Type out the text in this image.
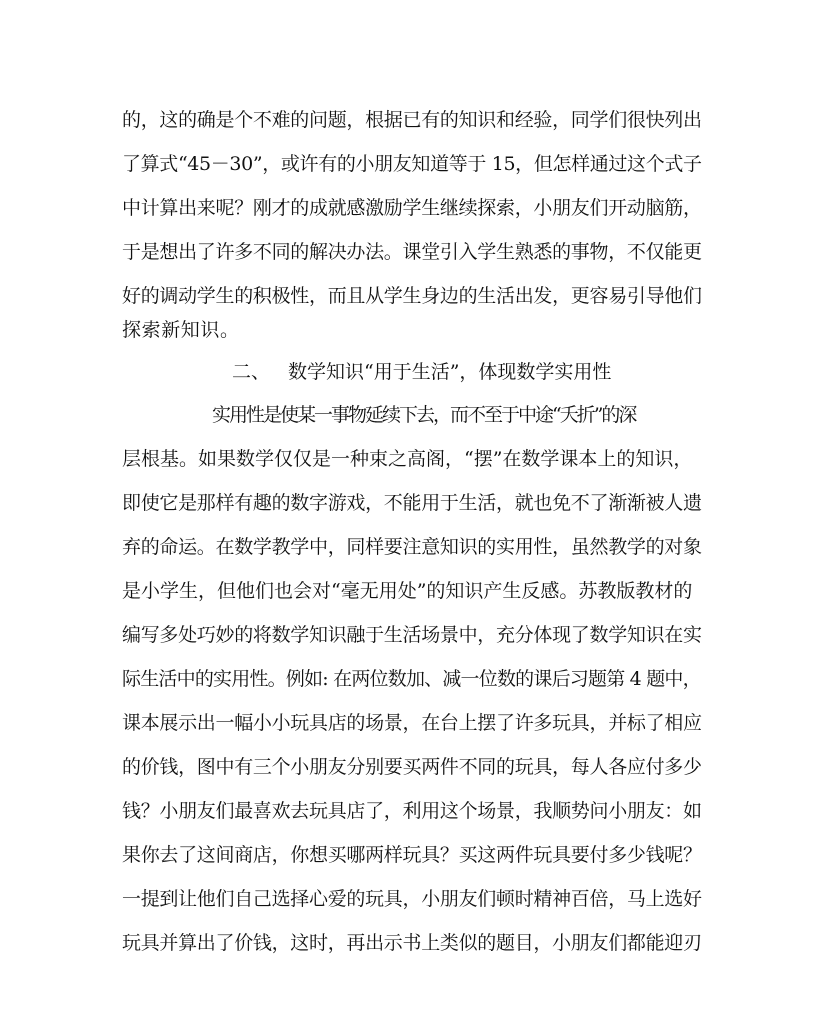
的，这的确是个不难的问题，根据已有的知识和经验，同学们很快列出
了算式“45－30”，或许有的小朋友知道等于 15，但怎样通过这个式子
中计算出来呢？刚才的成就感激励学生继续探索，小朋友们开动脑筋，
于是想出了许多不同的解决办法。课堂引入学生熟悉的事物，不仅能更
好的调动学生的积极性，而且从学生身边的生活出发，更容易引导他们
探索新知识。
二、 数学知识“用于生活”，体现数学实用性
实用性是使某一事物延续下去，而不至于中途“夭折”的深
层根基。如果数学仅仅是一种束之高阁，“摆”在数学课本上的知识，
即使它是那样有趣的数字游戏，不能用于生活，就也免不了渐渐被人遗
弃的命运。在数学教学中，同样要注意知识的实用性，虽然教学的对象
是小学生，但他们也会对“毫无用处”的知识产生反感。苏教版教材的
编写多处巧妙的将数学知识融于生活场景中，充分体现了数学知识在实
际生活中的实用性。例如: 在两位数加、减一位数的课后习题第 4 题中，
课本展示出一幅小小玩具店的场景，在台上摆了许多玩具，并标了相应
的价钱，图中有三个小朋友分别要买两件不同的玩具，每人各应付多少
钱？小朋友们最喜欢去玩具店了，利用这个场景，我顺势问小朋友：如
果你去了这间商店，你想买哪两样玩具？买这两件玩具要付多少钱呢？
一提到让他们自己选择心爱的玩具，小朋友们顿时精神百倍，马上选好
玩具并算出了价钱，这时，再出示书上类似的题目，小朋友们都能迎刃
